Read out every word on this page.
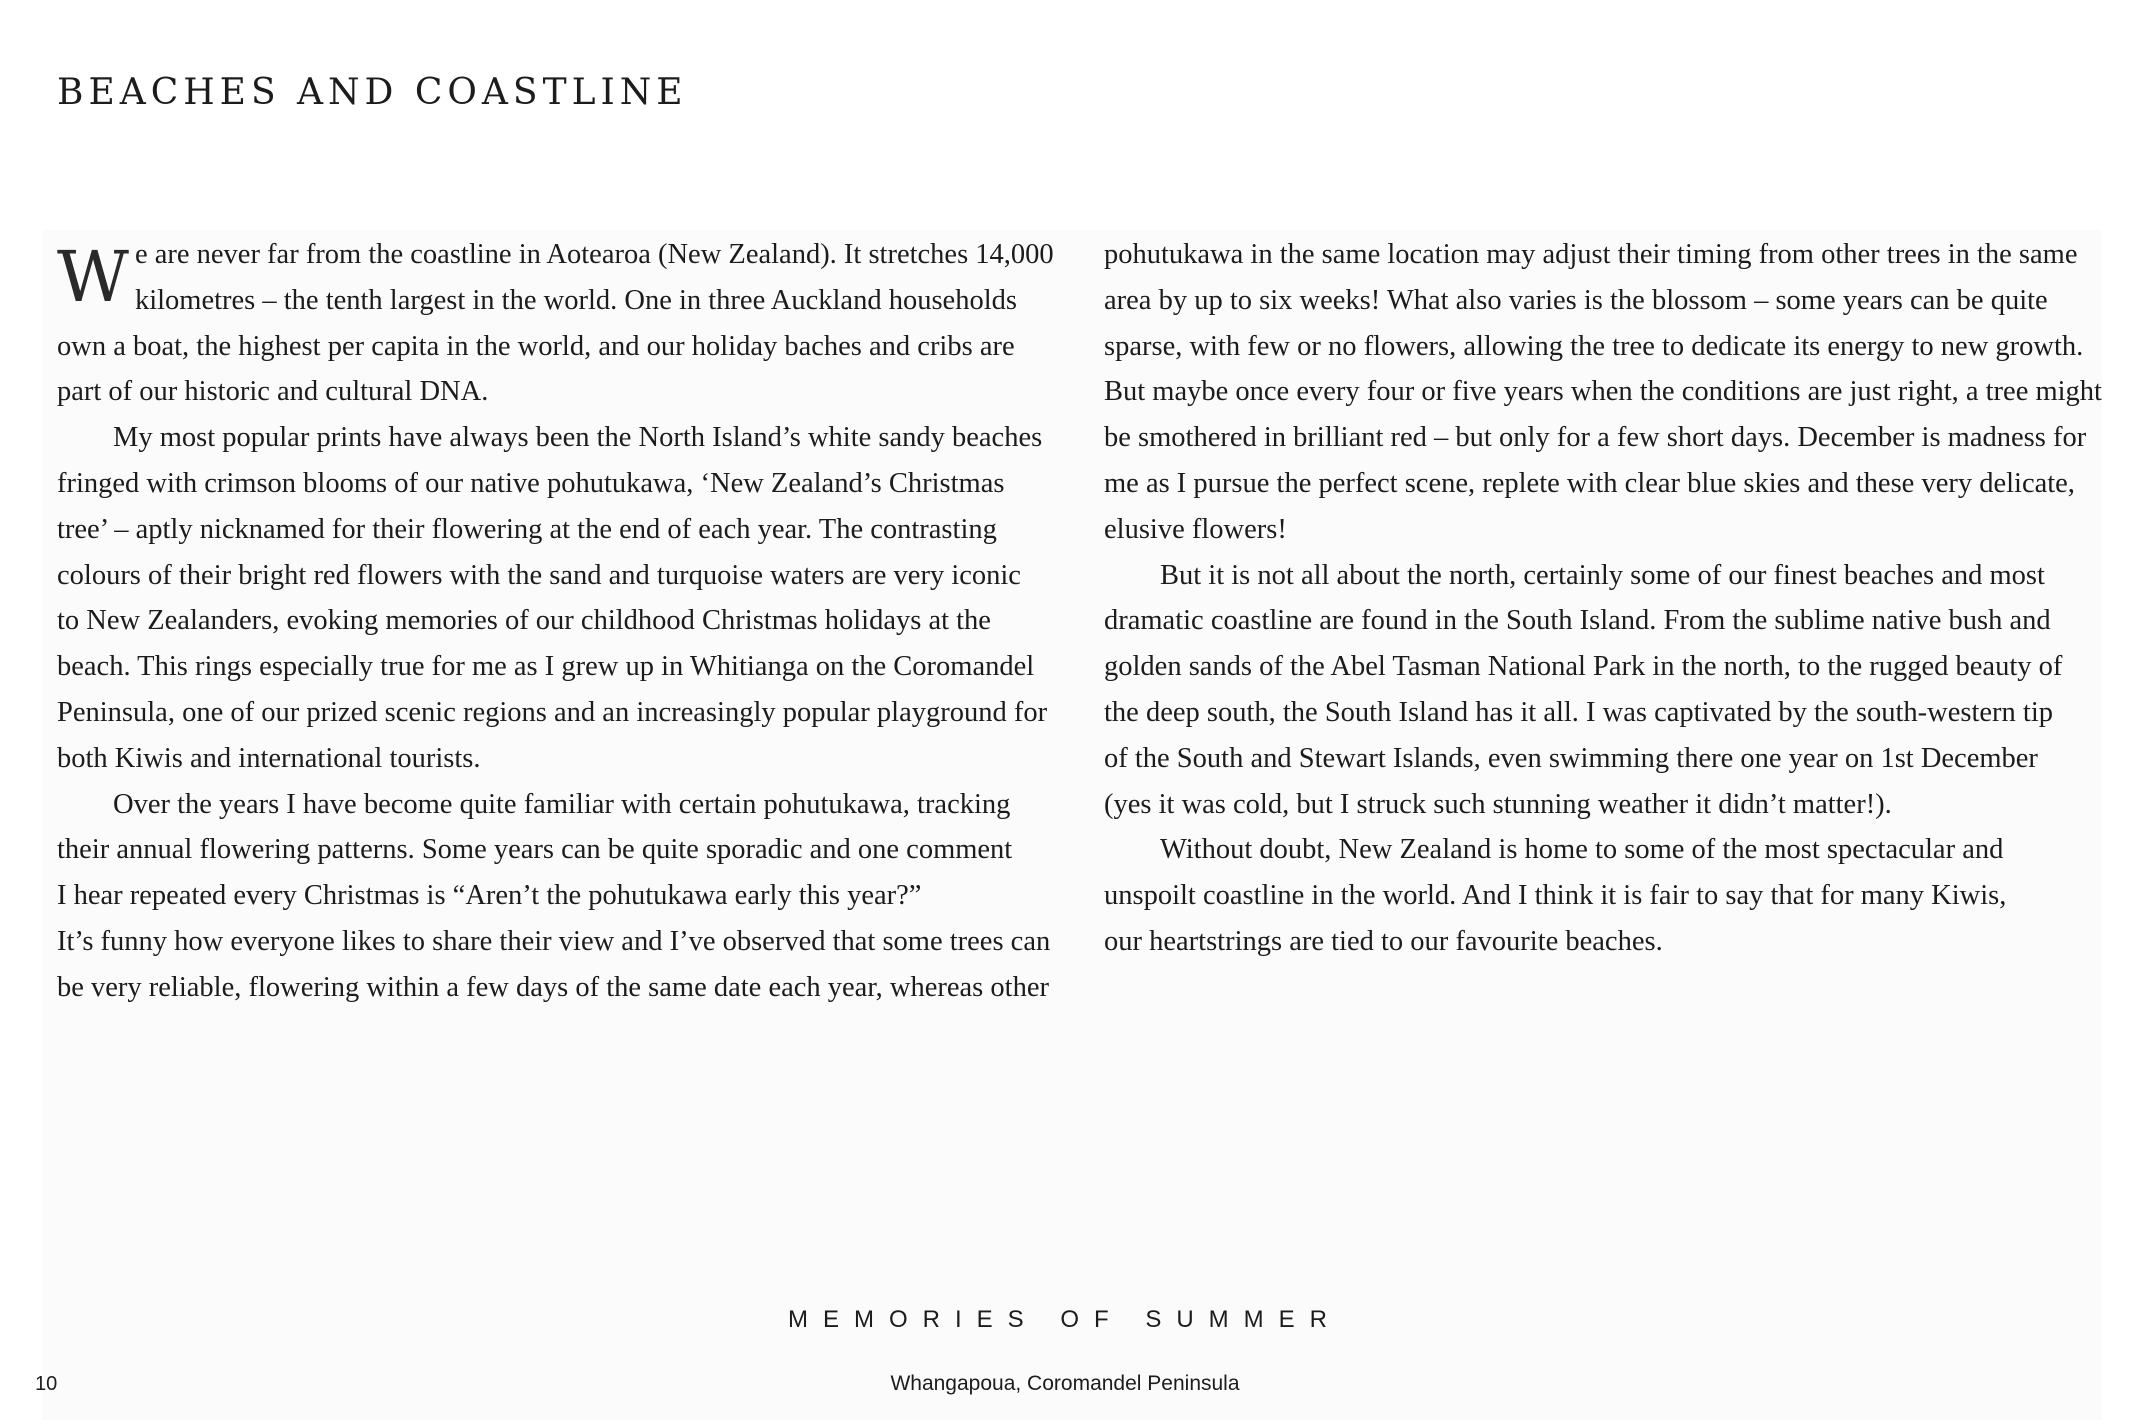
BEACHES AND COASTLINE
W e are never far from the coastline in Aotearoa (New Zealand). It stretches 14,000

kilometres – the tenth largest in the world. One in three Auckland households

own a boat, the highest per capita in the world, and our holiday baches and cribs are

part of our historic and cultural DNA.

My most popular prints have always been the North Island’s white sandy beaches

fringed with crimson blooms of our native pohutukawa, ‘New Zealand’s Christmas

tree’ – aptly nicknamed for their flowering at the end of each year. The contrasting

colours of their bright red flowers with the sand and turquoise waters are very iconic

to New Zealanders, evoking memories of our childhood Christmas holidays at the

beach. This rings especially true for me as I grew up in Whitianga on the Coromandel

Peninsula, one of our prized scenic regions and an increasingly popular playground for

both Kiwis and international tourists.

Over the years I have become quite familiar with certain pohutukawa, tracking

their annual flowering patterns. Some years can be quite sporadic and one comment

I hear repeated every Christmas is “Aren’t the pohutukawa early this year?”

It’s funny how everyone likes to share their view and I’ve observed that some trees can

be very reliable, flowering within a few days of the same date each year, whereas other

pohutukawa in the same location may adjust their timing from other trees in the same

area by up to six weeks! What also varies is the blossom – some years can be quite

sparse, with few or no flowers, allowing the tree to dedicate its energy to new growth.

But maybe once every four or five years when the conditions are just right, a tree might

be smothered in brilliant red – but only for a few short days. December is madness for

me as I pursue the perfect scene, replete with clear blue skies and these very delicate,

elusive flowers!

But it is not all about the north, certainly some of our finest beaches and most

dramatic coastline are found in the South Island. From the sublime native bush and

golden sands of the Abel Tasman National Park in the north, to the rugged beauty of

the deep south, the South Island has it all. I was captivated by the south-western tip

of the South and Stewart Islands, even swimming there one year on 1st December

(yes it was cold, but I struck such stunning weather it didn’t matter!).

Without doubt, New Zealand is home to some of the most spectacular and

unspoilt coastline in the world. And I think it is fair to say that for many Kiwis,

our heartstrings are tied to our favourite beaches.

MEMORIES OF SUMMER
10	Whangapoua, Coromandel Peninsula
